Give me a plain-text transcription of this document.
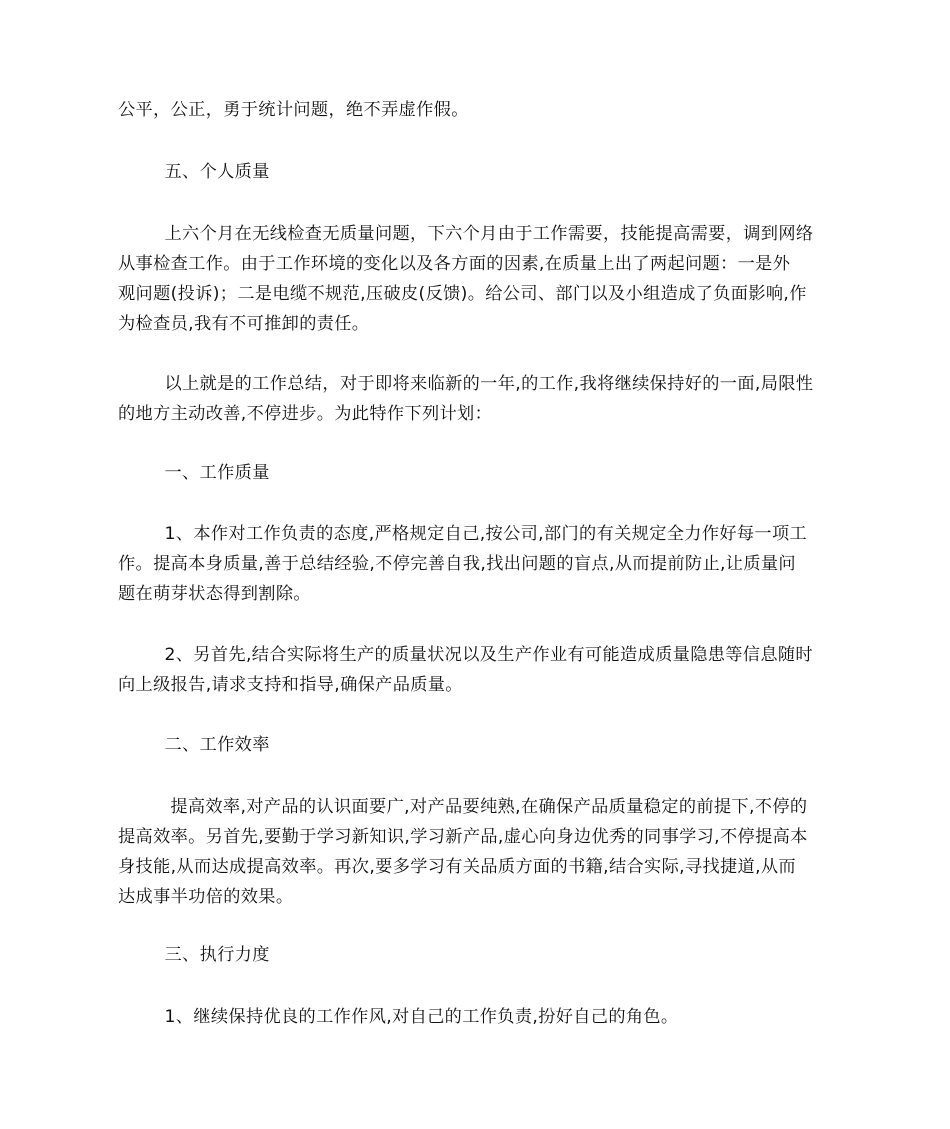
公平，公正，勇于统计问题，绝不弄虚作假。
五、个人质量
上六个月在无线检查无质量问题，下六个月由于工作需要，技能提高需要，调到网络
从事检查工作。由于工作环境的变化以及各方面的因素,在质量上出了两起问题：一是外
观问题(投诉)；二是电缆不规范,压破皮(反馈)。给公司、部门以及小组造成了负面影响,作
为检查员,我有不可推卸的责任。
以上就是的工作总结，对于即将来临新的一年,的工作,我将继续保持好的一面,局限性
的地方主动改善,不停进步。为此特作下列计划：
一、工作质量
1、本作对工作负责的态度,严格规定自己,按公司,部门的有关规定全力作好每一项工
作。提高本身质量,善于总结经验,不停完善自我,找出问题的盲点,从而提前防止,让质量问
题在萌芽状态得到割除。
2、另首先,结合实际将生产的质量状况以及生产作业有可能造成质量隐患等信息随时
向上级报告,请求支持和指导,确保产品质量。
二、工作效率
提高效率,对产品的认识面要广,对产品要纯熟,在确保产品质量稳定的前提下,不停的
提高效率。另首先,要勤于学习新知识,学习新产品,虚心向身边优秀的同事学习,不停提高本
身技能,从而达成提高效率。再次,要多学习有关品质方面的书籍,结合实际,寻找捷道,从而
达成事半功倍的效果。
三、执行力度
1、继续保持优良的工作作风,对自己的工作负责,扮好自己的角色。
